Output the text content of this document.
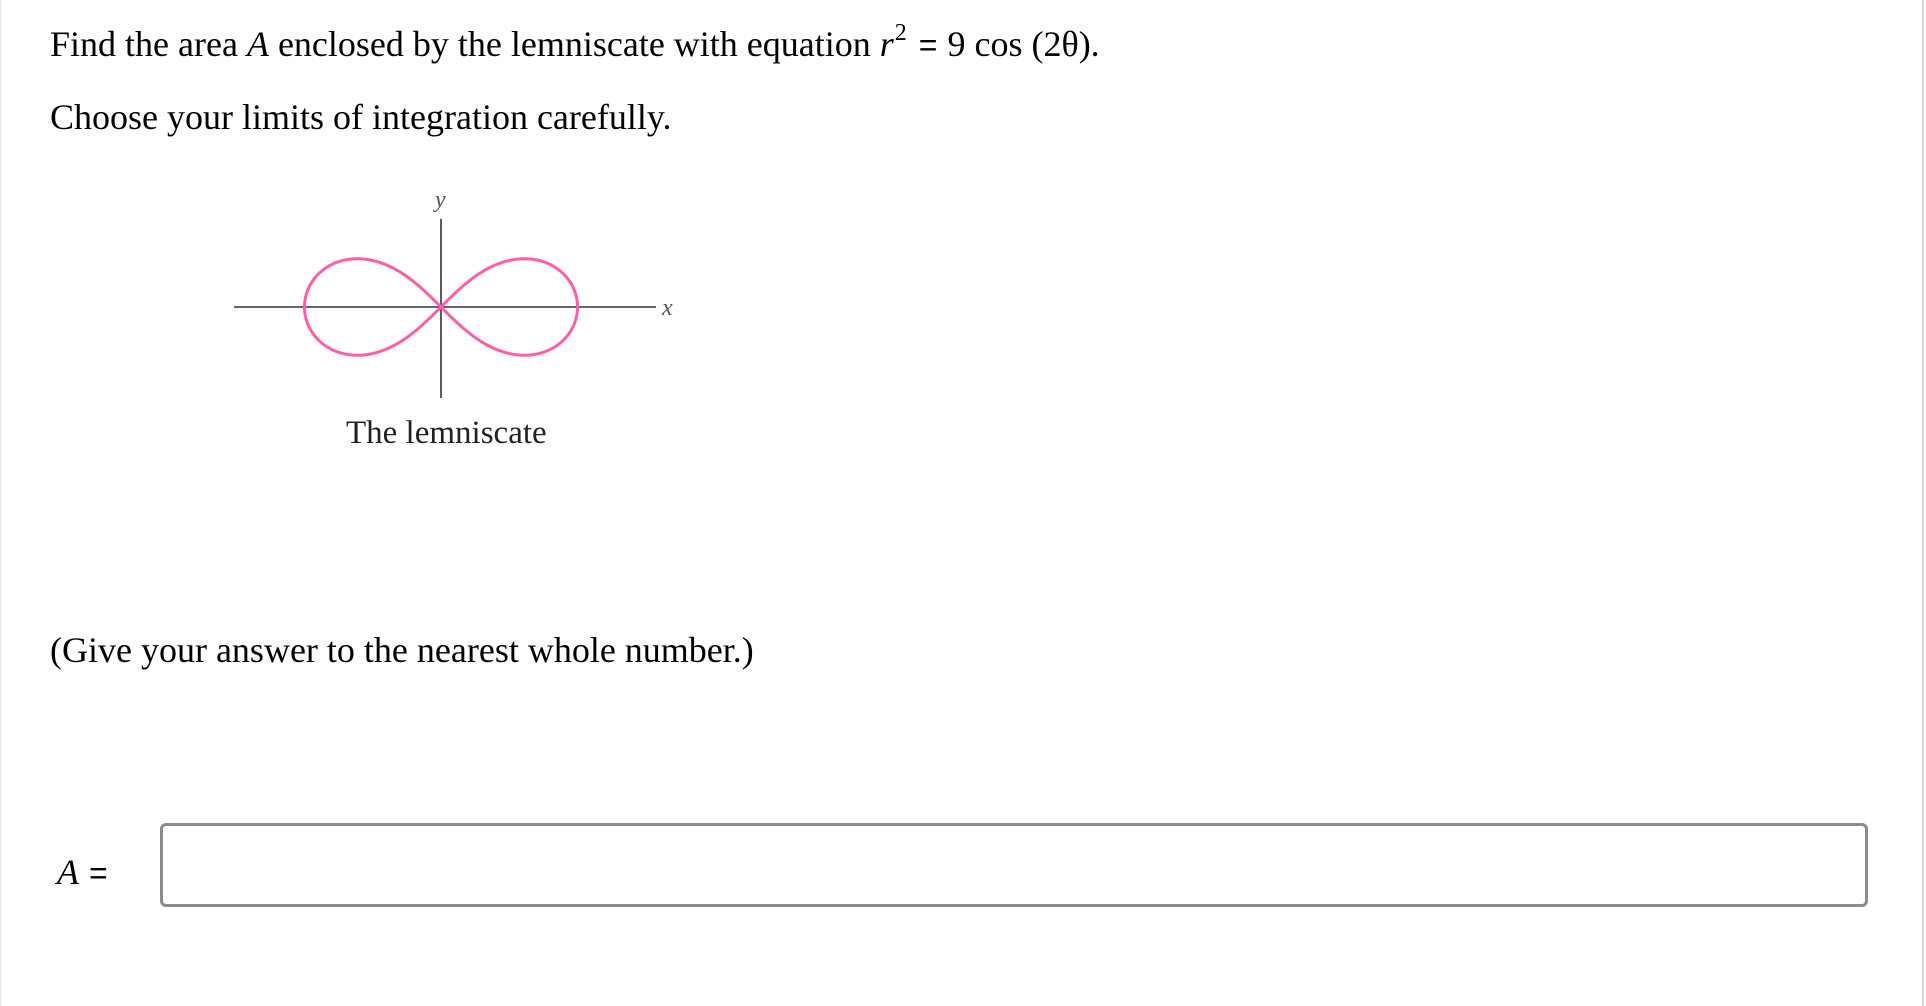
Find the area A enclosed by the lemniscate with equation $r^2 = 9$ cos (2θ).
Choose your limits of integration carefully.
x
y
The lemniscate
(Give your answer to the nearest whole number.)
A =
